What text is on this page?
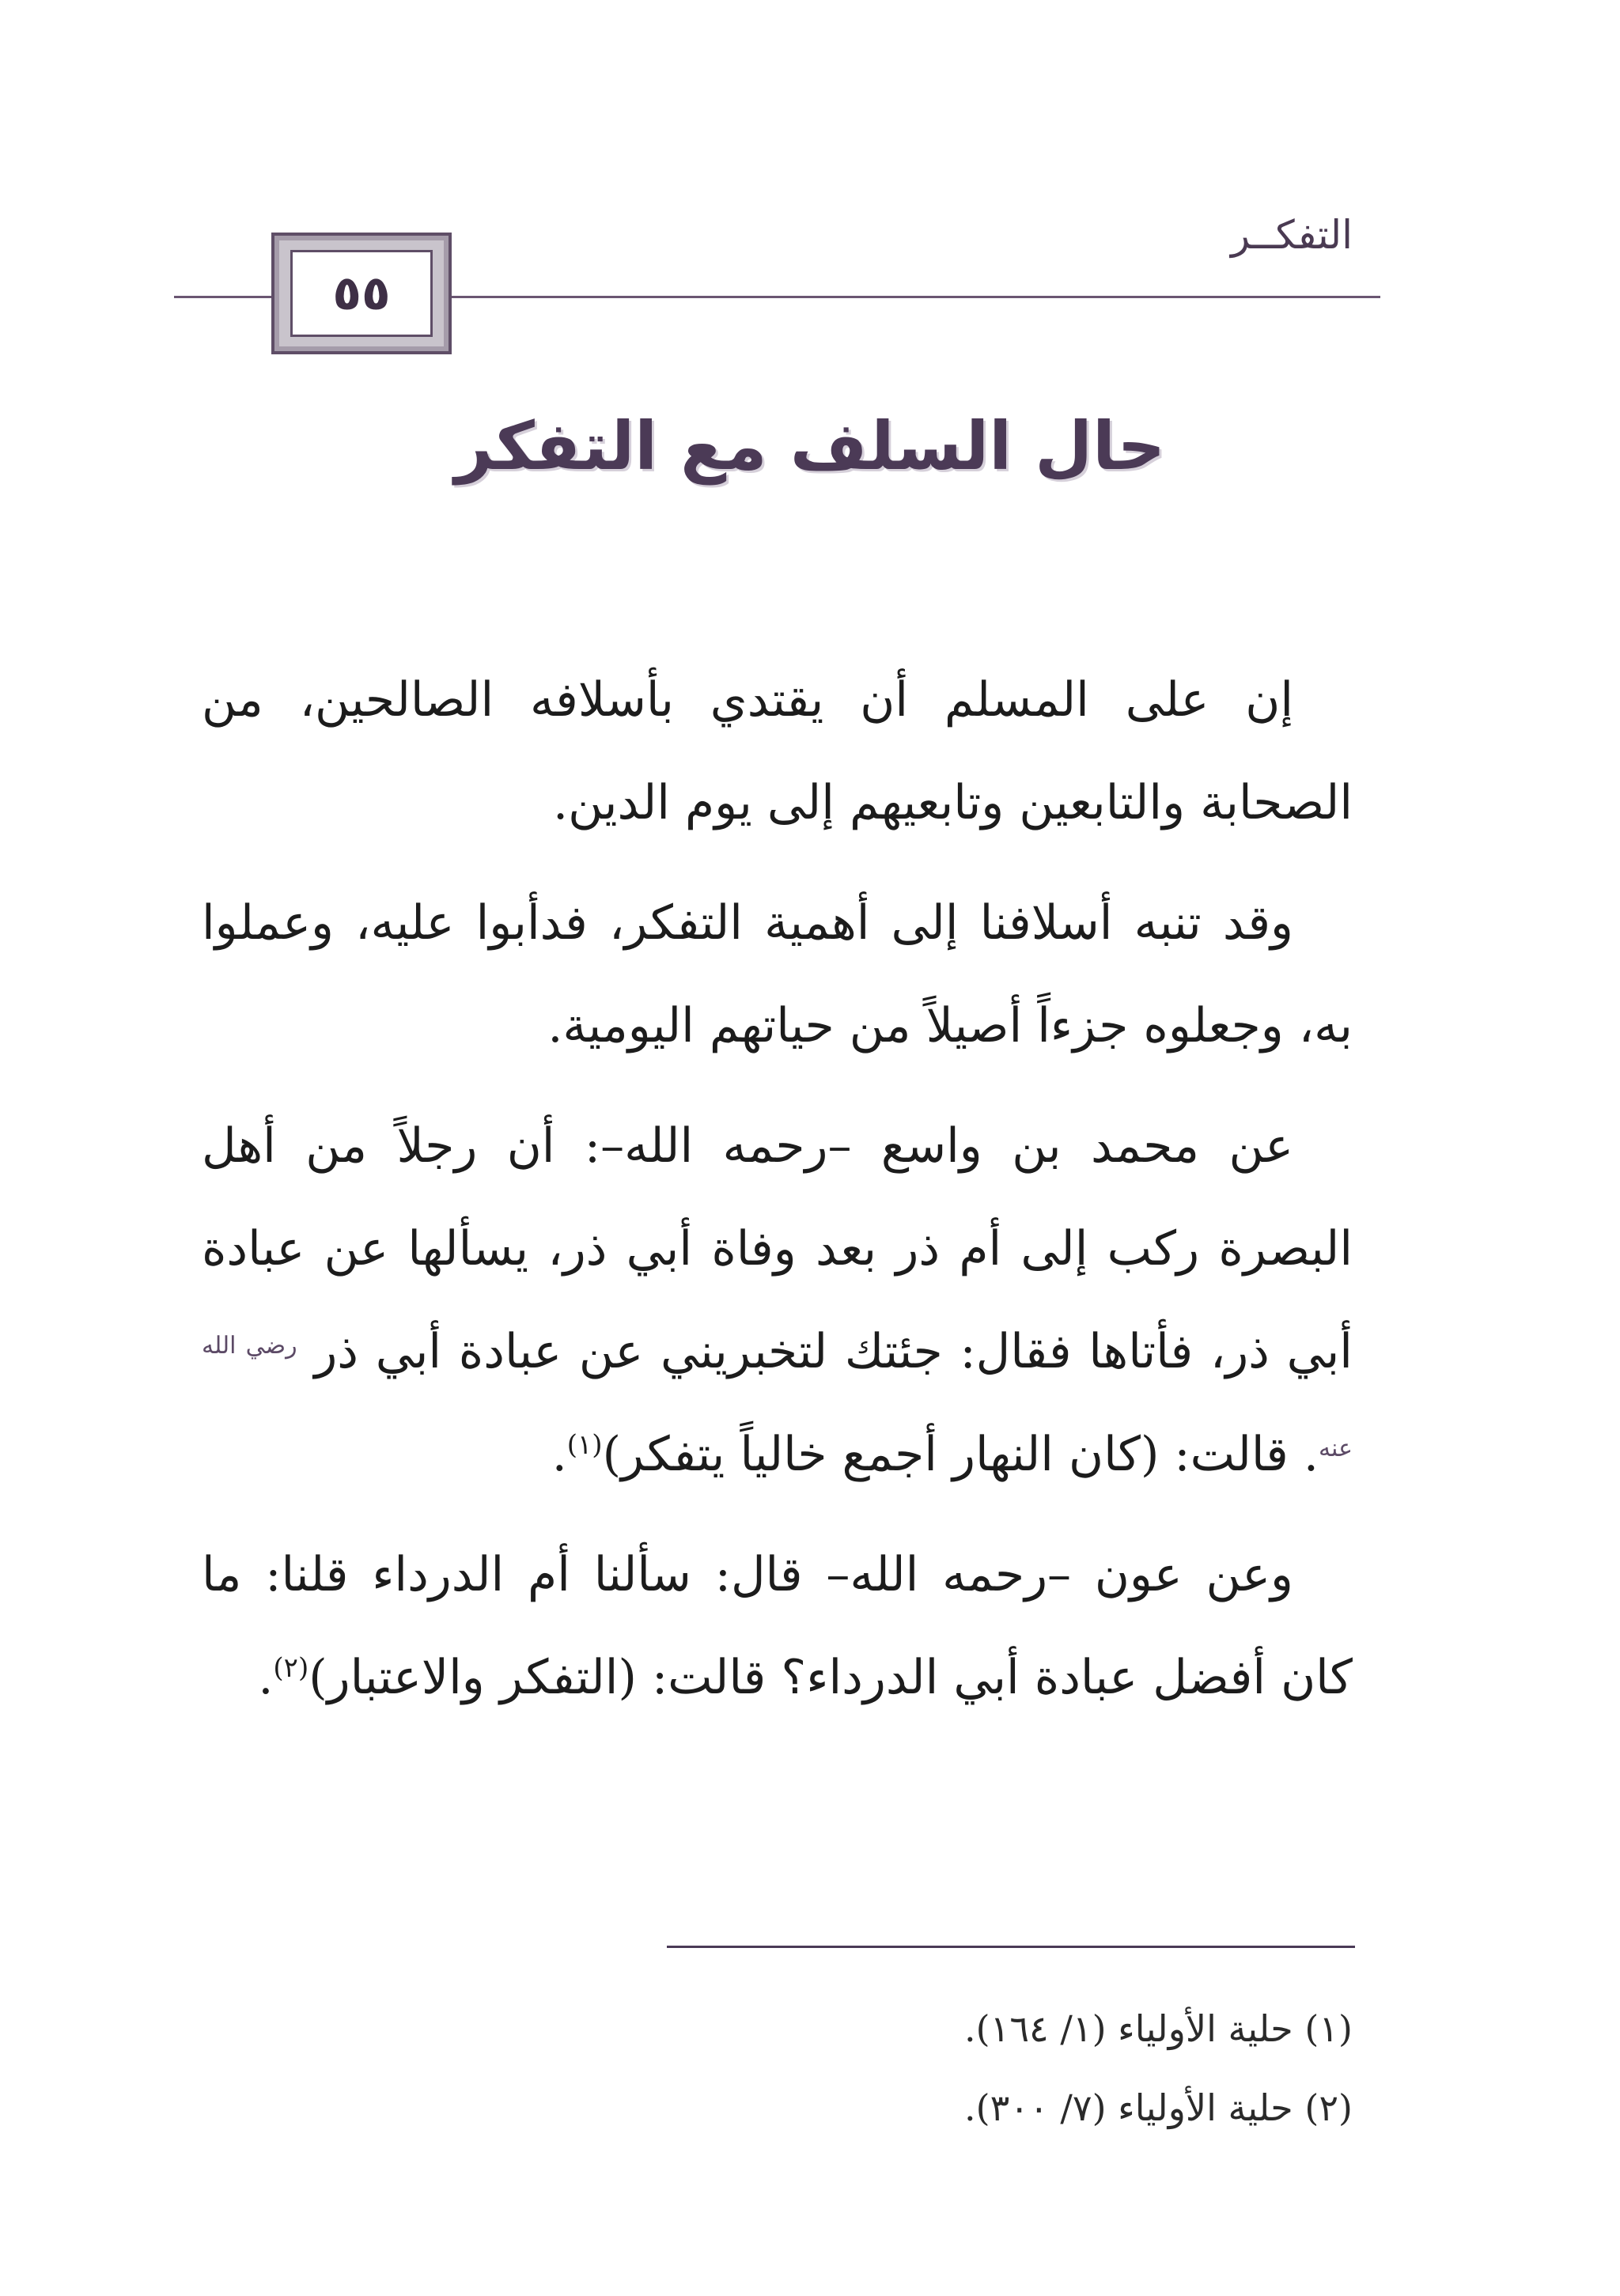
٥٥
التفكــر
حال السلف مع التفكر

إن على المسلم أن يقتدي بأسلافه الصالحين، من الصحابة والتابعين وتابعيهم إلى يوم الدين.

وقد تنبه أسلافنا إلى أهمية التفكر، فدأبوا عليه، وعملوا به، وجعلوه جزءاً أصيلاً من حياتهم اليومية.

عن محمد بن واسع –رحمه الله–: أن رجلاً من أهل البصرة ركب إلى أم ذر بعد وفاة أبي ذر، يسألها عن عبادة أبي ذر، فأتاها فقال: جئتك لتخبريني عن عبادة أبي ذر $^{رضي الله عنه}$. قالت: (كان النهار أجمع خالياً يتفكر)$^{(١)}$.

وعن عون –رحمه الله– قال: سألنا أم الدرداء قلنا: ما كان أفضل عبادة أبي الدرداء؟ قالت: (التفكر والاعتبار)$^{(٢)}$.

(١) حلية الأولياء (١/ ١٦٤).
(٢) حلية الأولياء (٧/ ٣٠٠).
